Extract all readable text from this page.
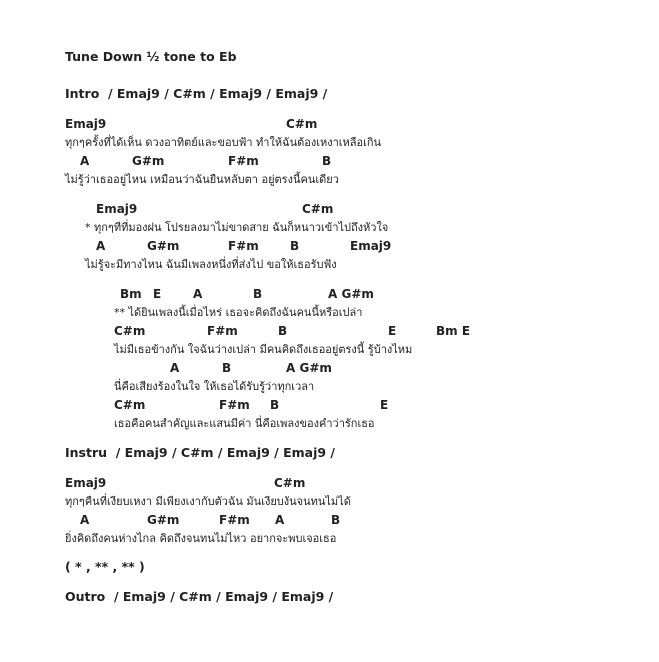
Tune Down ½ tone to Eb
Intro  / Emaj9 / C#m / Emaj9 / Emaj9 /
Emaj9	C#m
ทุกๆครั้งที่ได้เห็น ดวงอาทิตย์และขอบฟ้า ทำให้ฉันต้องเหงาเหลือเกิน
A	G#m	F#m	B
ไม่รู้ว่าเธออยู่ไหน เหมือนว่าฉันยืนหลับตา อยู่ตรงนี้คนเดียว
Emaj9	C#m
* ทุกๆทีที่มองฝน โปรยลงมาไม่ขาดสาย ฉันก็หนาวเข้าไปถึงหัวใจ
A	G#m	F#m	B	Emaj9
ไม่รู้จะมีทางไหน ฉันมีเพลงหนึ่งที่ส่งไป ขอให้เธอรับฟัง
Bm E	A	B	A G#m
** ได้ยินเพลงนี้เมื่อไหร่ เธอจะคิดถึงฉันคนนี้หรือเปล่า
C#m	F#m	B	E	Bm E
ไม่มีเธอข้างกัน ใจฉันว่างเปล่า มีคนคิดถึงเธออยู่ตรงนี้ รู้บ้างไหม
A	B	A G#m
นี่คือเสียงร้องในใจ ให้เธอได้รับรู้ว่าทุกเวลา
C#m	F#m B	E
เธอคือคนสำคัญและแสนมีค่า นี่คือเพลงของคำว่ารักเธอ
Instru  / Emaj9 / C#m / Emaj9 / Emaj9 /
Emaj9	C#m
ทุกๆคืนที่เงียบเหงา มีเพียงเงากับตัวฉัน มันเงียบงันจนทนไม่ได้
A	G#m	F#m A	B
ยิ่งคิดถึงคนห่างไกล คิดถึงจนทนไม่ไหว อยากจะพบเจอเธอ
( * , ** , ** )
Outro  / Emaj9 / C#m / Emaj9 / Emaj9 /
